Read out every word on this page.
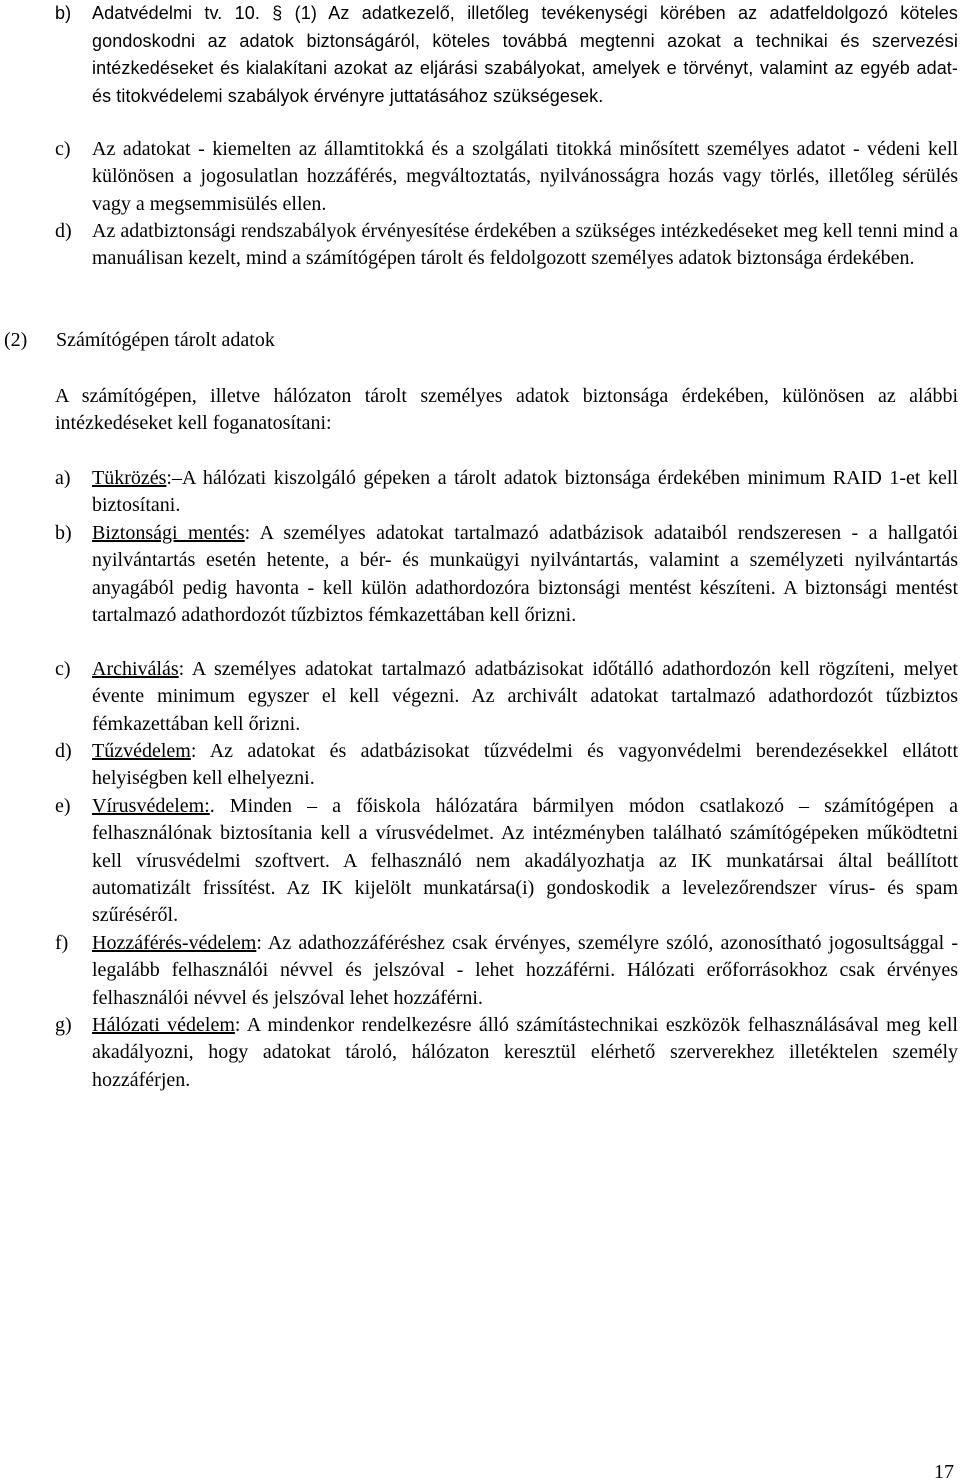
b) Adatvédelmi tv. 10. § (1) Az adatkezelő, illetőleg tevékenységi körében az adatfeldolgozó köteles gondoskodni az adatok biztonságáról, köteles továbbá megtenni azokat a technikai és szervezési intézkedéseket és kialakítani azokat az eljárási szabályokat, amelyek e törvényt, valamint az egyéb adat- és titokvédelemi szabályok érvényre juttatásához szükségesek.

c) Az adatokat - kiemelten az államtitokká és a szolgálati titokká minősített személyes adatot - védeni kell különösen a jogosulatlan hozzáférés, megváltoztatás, nyilvánosságra hozás vagy törlés, illetőleg sérülés vagy a megsemmisülés ellen.

d) Az adatbiztonsági rendszabályok érvényesítése érdekében a szükséges intézkedéseket meg kell tenni mind a manuálisan kezelt, mind a számítógépen tárolt és feldolgozott személyes adatok biztonsága érdekében.

(2) Számítógépen tárolt adatok

A számítógépen, illetve hálózaton tárolt személyes adatok biztonsága érdekében, különösen az alábbi intézkedéseket kell foganatosítani:

a) Tükrözés:–A hálózati kiszolgáló gépeken a tárolt adatok biztonsága érdekében minimum RAID 1-et kell biztosítani.

b) Biztonsági mentés: A személyes adatokat tartalmazó adatbázisok adataiból rendszeresen - a hallgatói nyilvántartás esetén hetente, a bér- és munkaügyi nyilvántartás, valamint a személyzeti nyilvántartás anyagából pedig havonta - kell külön adathordozóra biztonsági mentést készíteni. A biztonsági mentést tartalmazó adathordozót tűzbiztos fémkazettában kell őrizni.

c) Archiválás: A személyes adatokat tartalmazó adatbázisokat időtálló adathordozón kell rögzíteni, melyet évente minimum egyszer el kell végezni. Az archivált adatokat tartalmazó adathordozót tűzbiztos fémkazettában kell őrizni.

d) Tűzvédelem: Az adatokat és adatbázisokat tűzvédelmi és vagyonvédelmi berendezésekkel ellátott helyiségben kell elhelyezni.

e) Vírusvédelem:. Minden – a főiskola hálózatára bármilyen módon csatlakozó – számítógépen a felhasználónak biztosítania kell a vírusvédelmet. Az intézményben található számítógépeken működtetni kell vírusvédelmi szoftvert. A felhasználó nem akadályozhatja az IK munkatársai által beállított automatizált frissítést. Az IK kijelölt munkatársa(i) gondoskodik a levelezőrendszer vírus- és spam szűréséről.

f) Hozzáférés-védelem: Az adathozzáféréshez csak érvényes, személyre szóló, azonosítható jogosultsággal - legalább felhasználói névvel és jelszóval - lehet hozzáférni. Hálózati erőforrásokhoz csak érvényes felhasználói névvel és jelszóval lehet hozzáférni.

g) Hálózati védelem: A mindenkor rendelkezésre álló számítástechnikai eszközök felhasználásával meg kell akadályozni, hogy adatokat tároló, hálózaton keresztül elérhető szerverekhez illetéktelen személy hozzáférjen.

17
